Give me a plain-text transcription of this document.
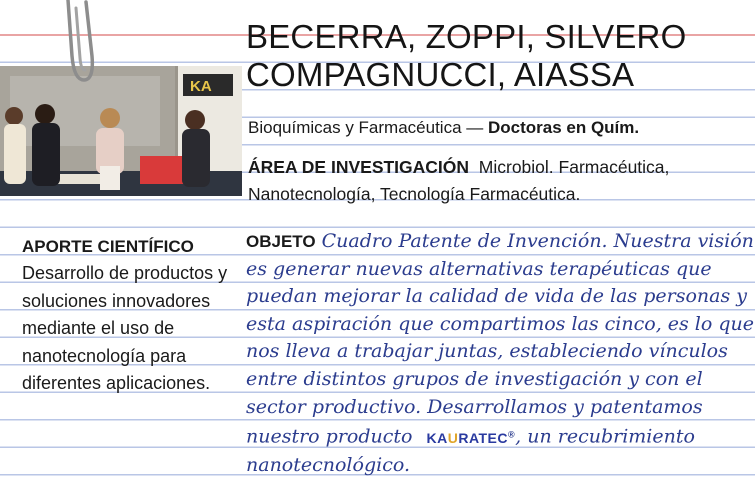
KA
BECERRA, ZOPPI, SILVERO
COMPAGNUCCI, AIASSA
Bioquímicas y Farmacéutica — Doctoras en Quím.
ÁREA DE INVESTIGACIÓN Microbiol. Farmacéutica, Nanotecnología, Tecnología Farmacéutica.
APORTE CIENTÍFICO
Desarrollo de productos y soluciones innovadores mediante el uso de nanotecnología para diferentes aplicaciones.
OBJETO Cuadro Patente de Invención. Nuestra visión es generar nuevas alternativas terapéuticas que puedan mejorar la calidad de vida de las personas y esta aspiración que compartimos las cinco, es lo que nos lleva a trabajar juntas, estableciendo vínculos entre distintos grupos de investigación y con el sector productivo. Desarrollamos y patentamos nuestro producto KAURATEC®, un recubrimiento nanotecnológico.
